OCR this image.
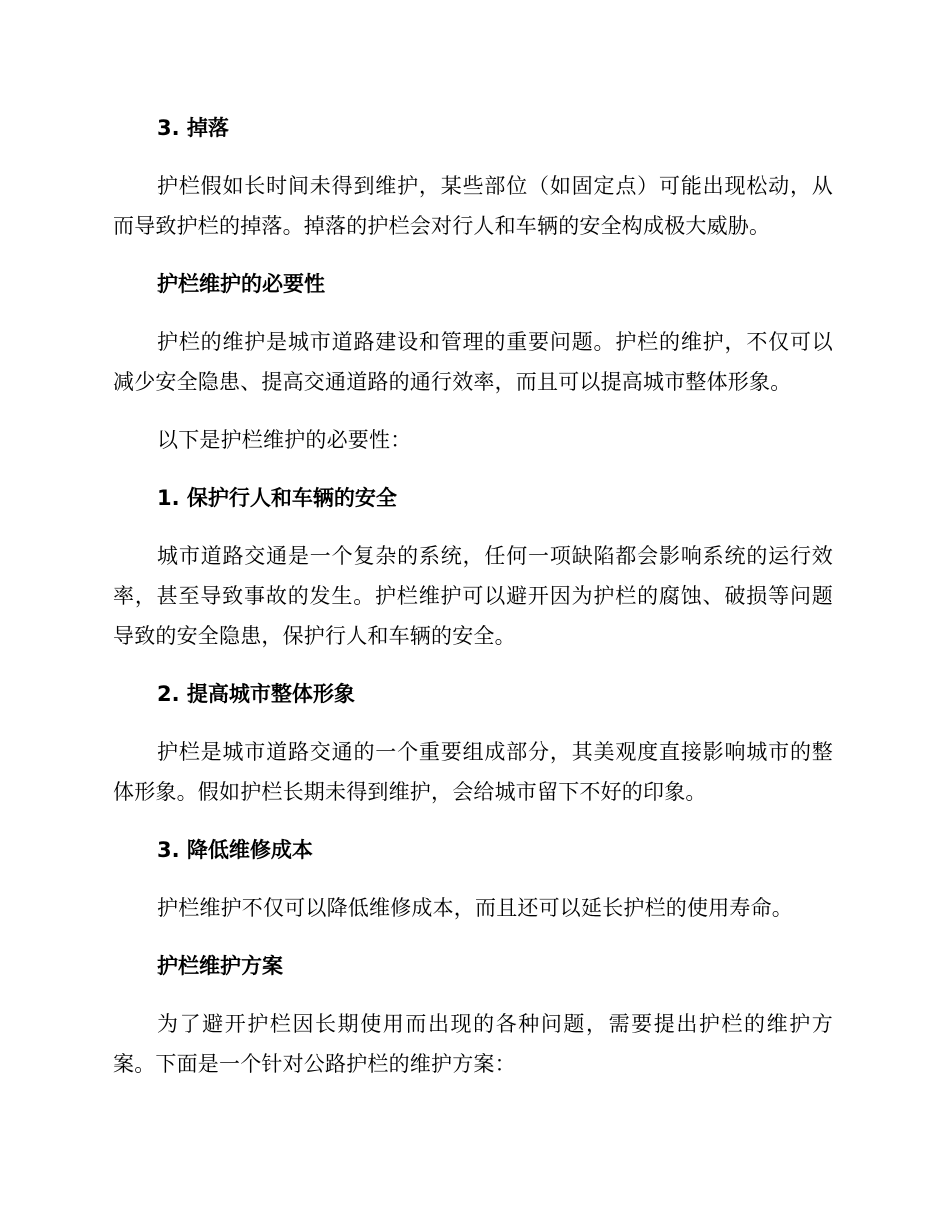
3. 掉落

护栏假如长时间未得到维护，某些部位（如固定点）可能出现松动，从而导致护栏的掉落。掉落的护栏会对行人和车辆的安全构成极大威胁。

护栏维护的必要性

护栏的维护是城市道路建设和管理的重要问题。护栏的维护，不仅可以减少安全隐患、提高交通道路的通行效率，而且可以提高城市整体形象。

以下是护栏维护的必要性：

1. 保护行人和车辆的安全

城市道路交通是一个复杂的系统，任何一项缺陷都会影响系统的运行效率，甚至导致事故的发生。护栏维护可以避开因为护栏的腐蚀、破损等问题导致的安全隐患，保护行人和车辆的安全。

2. 提高城市整体形象

护栏是城市道路交通的一个重要组成部分，其美观度直接影响城市的整体形象。假如护栏长期未得到维护，会给城市留下不好的印象。

3. 降低维修成本

护栏维护不仅可以降低维修成本，而且还可以延长护栏的使用寿命。

护栏维护方案

为了避开护栏因长期使用而出现的各种问题，需要提出护栏的维护方案。下面是一个针对公路护栏的维护方案：
